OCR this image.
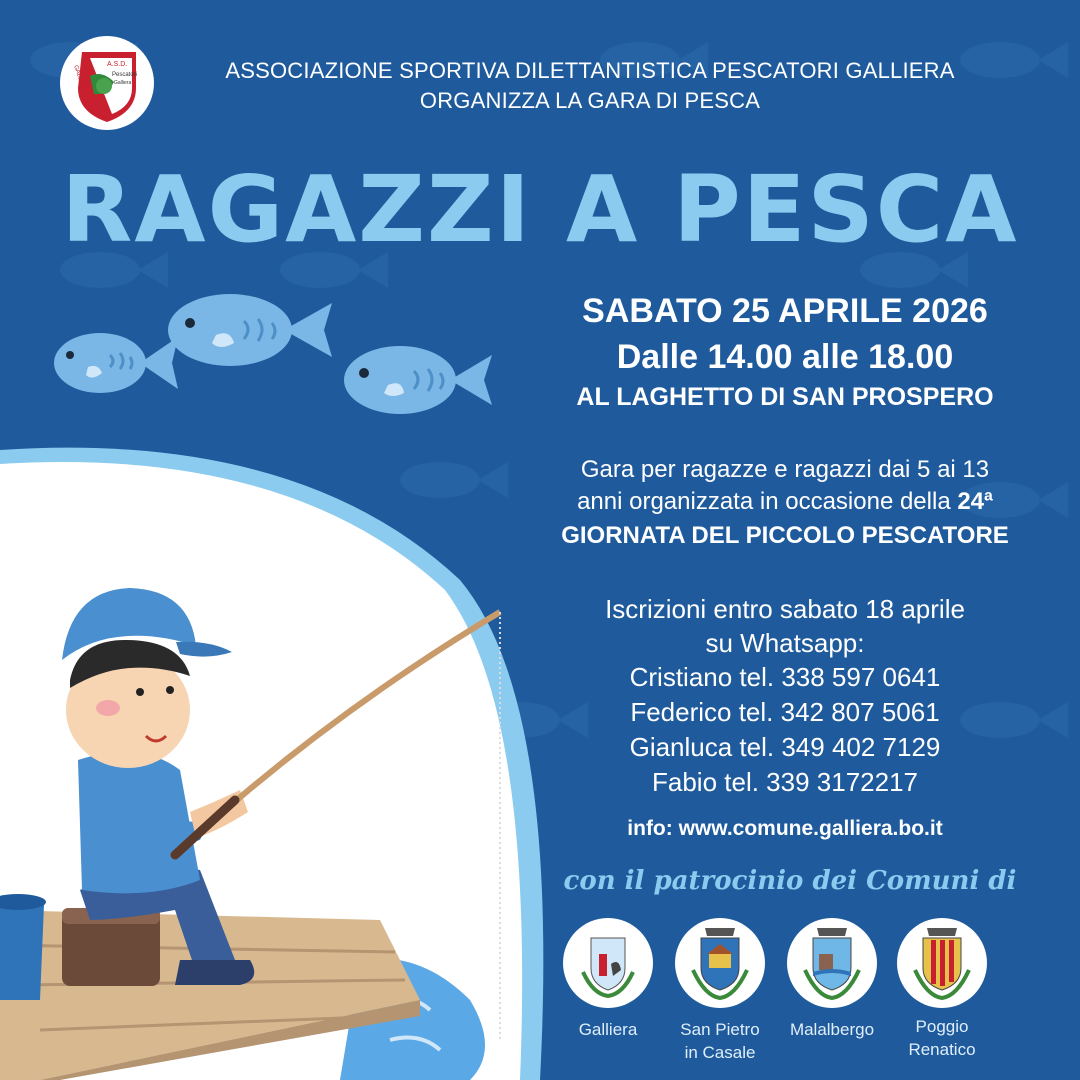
A.S.D.
Pescatori
Galliera
GALLIERA	ASSOCIAZIONE SPORTIVA DILETTANTISTICA PESCATORI GALLIERA
ORGANIZZA LA GARA DI PESCA
RAGAZZI A PESCA
SABATO 25 APRILE 2026
Dalle 14.00 alle 18.00
AL LAGHETTO DI SAN PROSPERO
Gara per ragazze e ragazzi dai 5 ai 13
anni organizzata in occasione della 24ª
GIORNATA DEL PICCOLO PESCATORE
Iscrizioni entro sabato 18 aprile
su Whatsapp:
Cristiano tel. 338 597 0641
Federico tel. 342 807 5061
Gianluca tel. 349 402 7129
Fabio tel. 339 3172217
info: www.comune.galliera.bo.it
con il patrocinio dei Comuni di
Galliera	San Pietro
in Casale
Malalbergo	Poggio
Renatico
